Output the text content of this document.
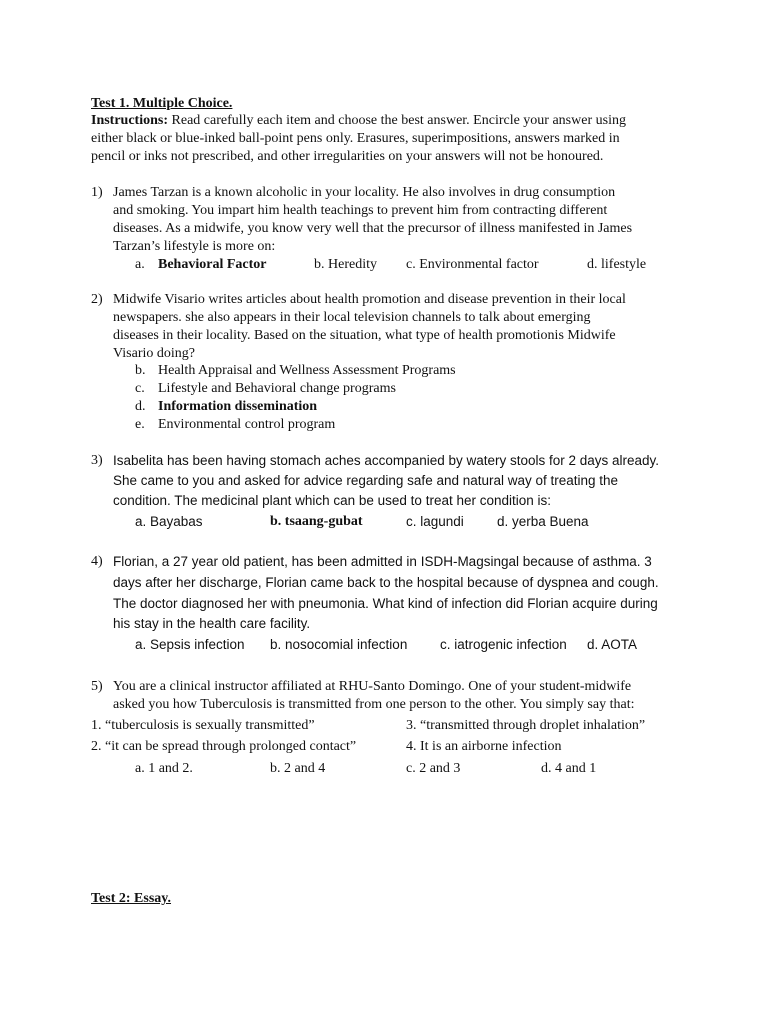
Test 1. Multiple Choice.
Instructions: Read carefully each item and choose the best answer. Encircle your answer using
either black or blue-inked ball-point pens only. Erasures, superimpositions, answers marked in
pencil or inks not prescribed, and other irregularities on your answers will not be honoured.
1) James Tarzan is a known alcoholic in your locality. He also involves in drug consumption
and smoking. You impart him health teachings to prevent him from contracting different
diseases. As a midwife, you know very well that the precursor of illness manifested in James
Tarzan’s lifestyle is more on:
a. Behavioral Factor	b. Heredity c. Environmental factor	d. lifestyle
2) Midwife Visario writes articles about health promotion and disease prevention in their local
newspapers. she also appears in their local television channels to talk about emerging
diseases in their locality. Based on the situation, what type of health promotionis Midwife
Visario doing?
b. Health Appraisal and Wellness Assessment Programs
c. Lifestyle and Behavioral change programs
d. Information dissemination
e. Environmental control program
3) Isabelita has been having stomach aches accompanied by watery stools for 2 days already.
She came to you and asked for advice regarding safe and natural way of treating the
condition. The medicinal plant which can be used to treat her condition is:
a. Bayabas	b. tsaang-gubat	c. lagundi d. yerba Buena
4) Florian, a 27 year old patient, has been admitted in ISDH-Magsingal because of asthma. 3
days after her discharge, Florian came back to the hospital because of dyspnea and cough.
The doctor diagnosed her with pneumonia. What kind of infection did Florian acquire during
his stay in the health care facility.
a. Sepsis infection b. nosocomial infection c. iatrogenic infection d. AOTA
5) You are a clinical instructor affiliated at RHU-Santo Domingo. One of your student-midwife
asked you how Tuberculosis is transmitted from one person to the other. You simply say that:
1. “tuberculosis is sexually transmitted”	3. “transmitted through droplet inhalation”
2. “it can be spread through prolonged contact”	4. It is an airborne infection
a. 1 and 2.	b. 2 and 4	c. 2 and 3	d. 4 and 1
Test 2: Essay.
